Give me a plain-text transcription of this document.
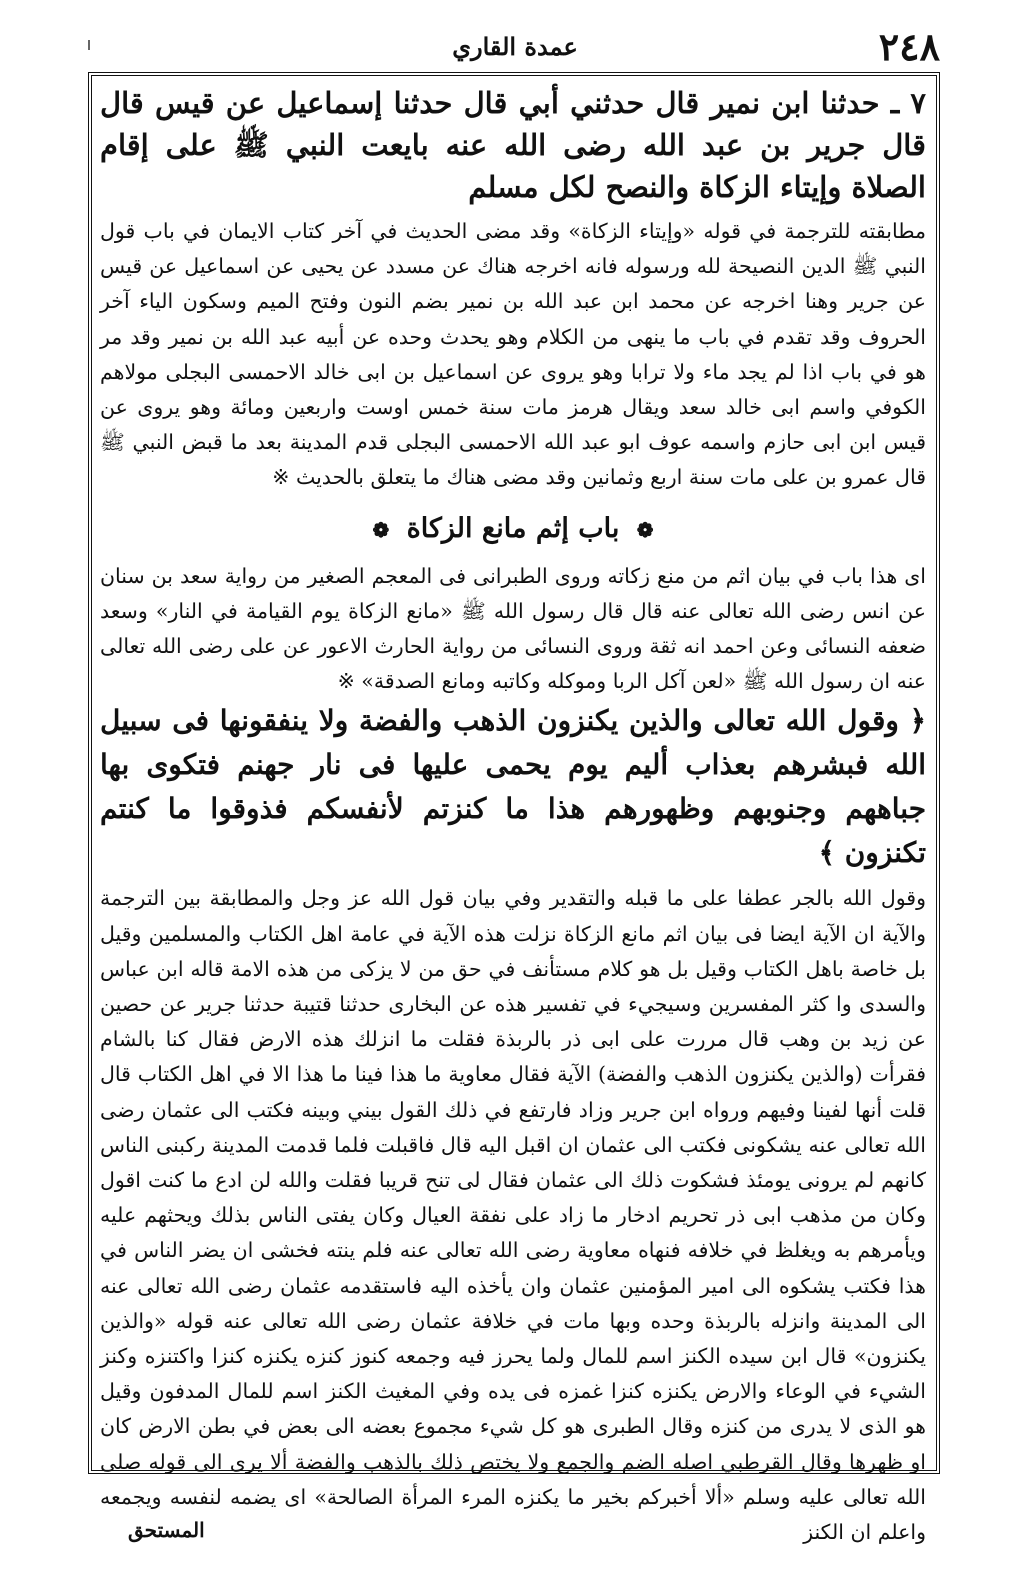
عمدة القاري	٢٤٨

٧ ـ حدثنا ابن نمير قال حدثني أبي قال حدثنا إسماعيل عن قيس قال قال جرير بن عبد الله رضى الله عنه بايعت النبي ﷺ على إقام الصلاة وإيتاء الزكاة والنصح لكل مسلم

مطابقته للترجمة في قوله «وإيتاء الزكاة» وقد مضى الحديث في آخر كتاب الايمان في باب قول النبي ﷺ الدين النصيحة لله ورسوله فانه اخرجه هناك عن مسدد عن يحيى عن اسماعيل عن قيس عن جرير وهنا اخرجه عن محمد ابن عبد الله بن نمير بضم النون وفتح الميم وسكون الياء آخر الحروف وقد تقدم في باب ما ينهى من الكلام وهو يحدث وحده عن أبيه عبد الله بن نمير وقد مر هو في باب اذا لم يجد ماء ولا ترابا وهو يروى عن اسماعيل بن ابى خالد الاحمسى البجلى مولاهم الكوفي واسم ابى خالد سعد ويقال هرمز مات سنة خمس اوست واربعين ومائة وهو يروى عن قيس ابن ابى حازم واسمه عوف ابو عبد الله الاحمسى البجلى قدم المدينة بعد ما قبض النبي ﷺ قال عمرو بن على مات سنة اربع وثمانين وقد مضى هناك ما يتعلق بالحديث ※

❁ باب إثم مانع الزكاة ❁

اى هذا باب في بيان اثم من منع زكاته وروى الطبرانى فى المعجم الصغير من رواية سعد بن سنان عن انس رضى الله تعالى عنه قال قال رسول الله ﷺ «مانع الزكاة يوم القيامة في النار» وسعد ضعفه النسائى وعن احمد انه ثقة وروى النسائى من رواية الحارث الاعور عن على رضى الله تعالى عنه ان رسول الله ﷺ «لعن آكل الربا وموكله وكاتبه ومانع الصدقة» ※

﴿ وقول الله تعالى والذين يكنزون الذهب والفضة ولا ينفقونها فى سبيل الله فبشرهم بعذاب أليم يوم يحمى عليها فى نار جهنم فتكوى بها جباههم وجنوبهم وظهورهم هذا ما كنزتم لأنفسكم فذوقوا ما كنتم تكنزون ﴾

وقول الله بالجر عطفا على ما قبله والتقدير وفي بيان قول الله عز وجل والمطابقة بين الترجمة والآية ان الآية ايضا فى بيان اثم مانع الزكاة نزلت هذه الآية في عامة اهل الكتاب والمسلمين وقيل بل خاصة باهل الكتاب وقيل بل هو كلام مستأنف في حق من لا يزكى من هذه الامة قاله ابن عباس والسدى وا كثر المفسرين وسيجيء في تفسير هذه عن البخارى حدثنا قتيبة حدثنا جرير عن حصين عن زيد بن وهب قال مررت على ابى ذر بالربذة فقلت ما انزلك هذه الارض فقال كنا بالشام فقرأت (والذين يكنزون الذهب والفضة) الآية فقال معاوية ما هذا فينا ما هذا الا في اهل الكتاب قال قلت أنها لفينا وفيهم ورواه ابن جرير وزاد فارتفع في ذلك القول بيني وبينه فكتب الى عثمان رضى الله تعالى عنه يشكونى فكتب الى عثمان ان اقبل اليه قال فاقبلت فلما قدمت المدينة ركبنى الناس كانهم لم يرونى يومئذ فشكوت ذلك الى عثمان فقال لى تنح قريبا فقلت والله لن ادع ما كنت اقول وكان من مذهب ابى ذر تحريم ادخار ما زاد على نفقة العيال وكان يفتى الناس بذلك ويحثهم عليه ويأمرهم به ويغلظ في خلافه فنهاه معاوية رضى الله تعالى عنه فلم ينته فخشى ان يضر الناس في هذا فكتب يشكوه الى امير المؤمنين عثمان وان يأخذه اليه فاستقدمه عثمان رضى الله تعالى عنه الى المدينة وانزله بالربذة وحده وبها مات في خلافة عثمان رضى الله تعالى عنه قوله «والذين يكنزون» قال ابن سيده الكنز اسم للمال ولما يحرز فيه وجمعه كنوز كنزه يكنزه كنزا واكتنزه وكنز الشيء في الوعاء والارض يكنزه كنزا غمزه فى يده وفي المغيث الكنز اسم للمال المدفون وقيل هو الذى لا يدرى من كنزه وقال الطبرى هو كل شيء مجموع بعضه الى بعض في بطن الارض كان او ظهرها وقال القرطبي اصله الضم والجمع ولا يختص ذلك بالذهب والفضة ألا يرى الى قوله صلى الله تعالى عليه وسلم «ألا أخبركم بخير ما يكنزه المرء المرأة الصالحة» اى يضمه لنفسه ويجمعه واعلم ان الكنز

المستحق
